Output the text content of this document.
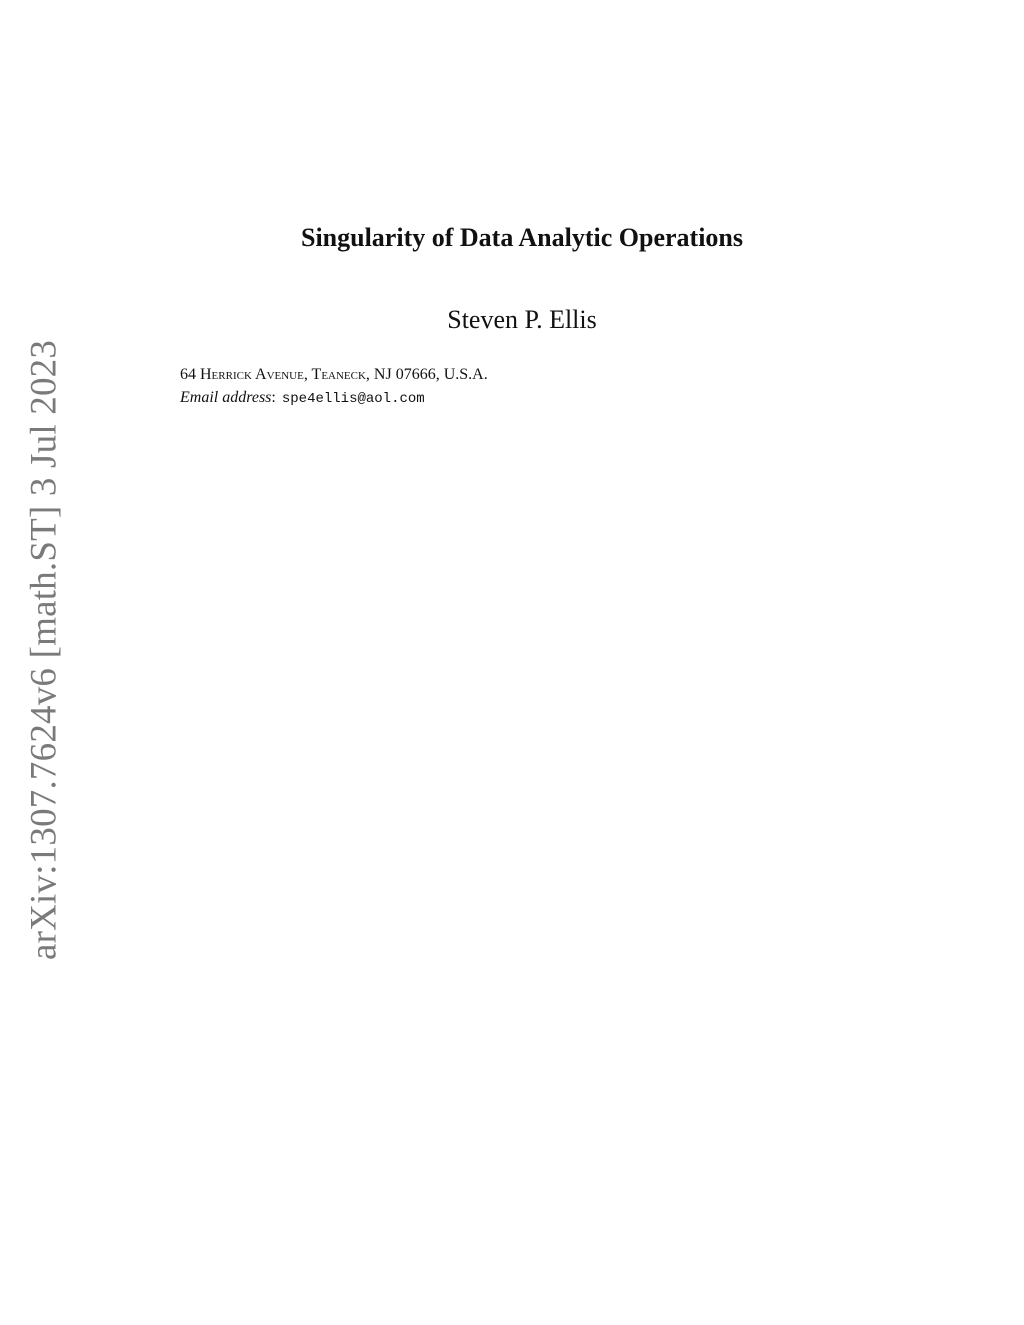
arXiv:1307.7624v6 [math.ST] 3 Jul 2023
Singularity of Data Analytic Operations
Steven P. Ellis
64 Herrick Avenue, Teaneck, NJ 07666, U.S.A.
Email address: spe4ellis@aol.com
